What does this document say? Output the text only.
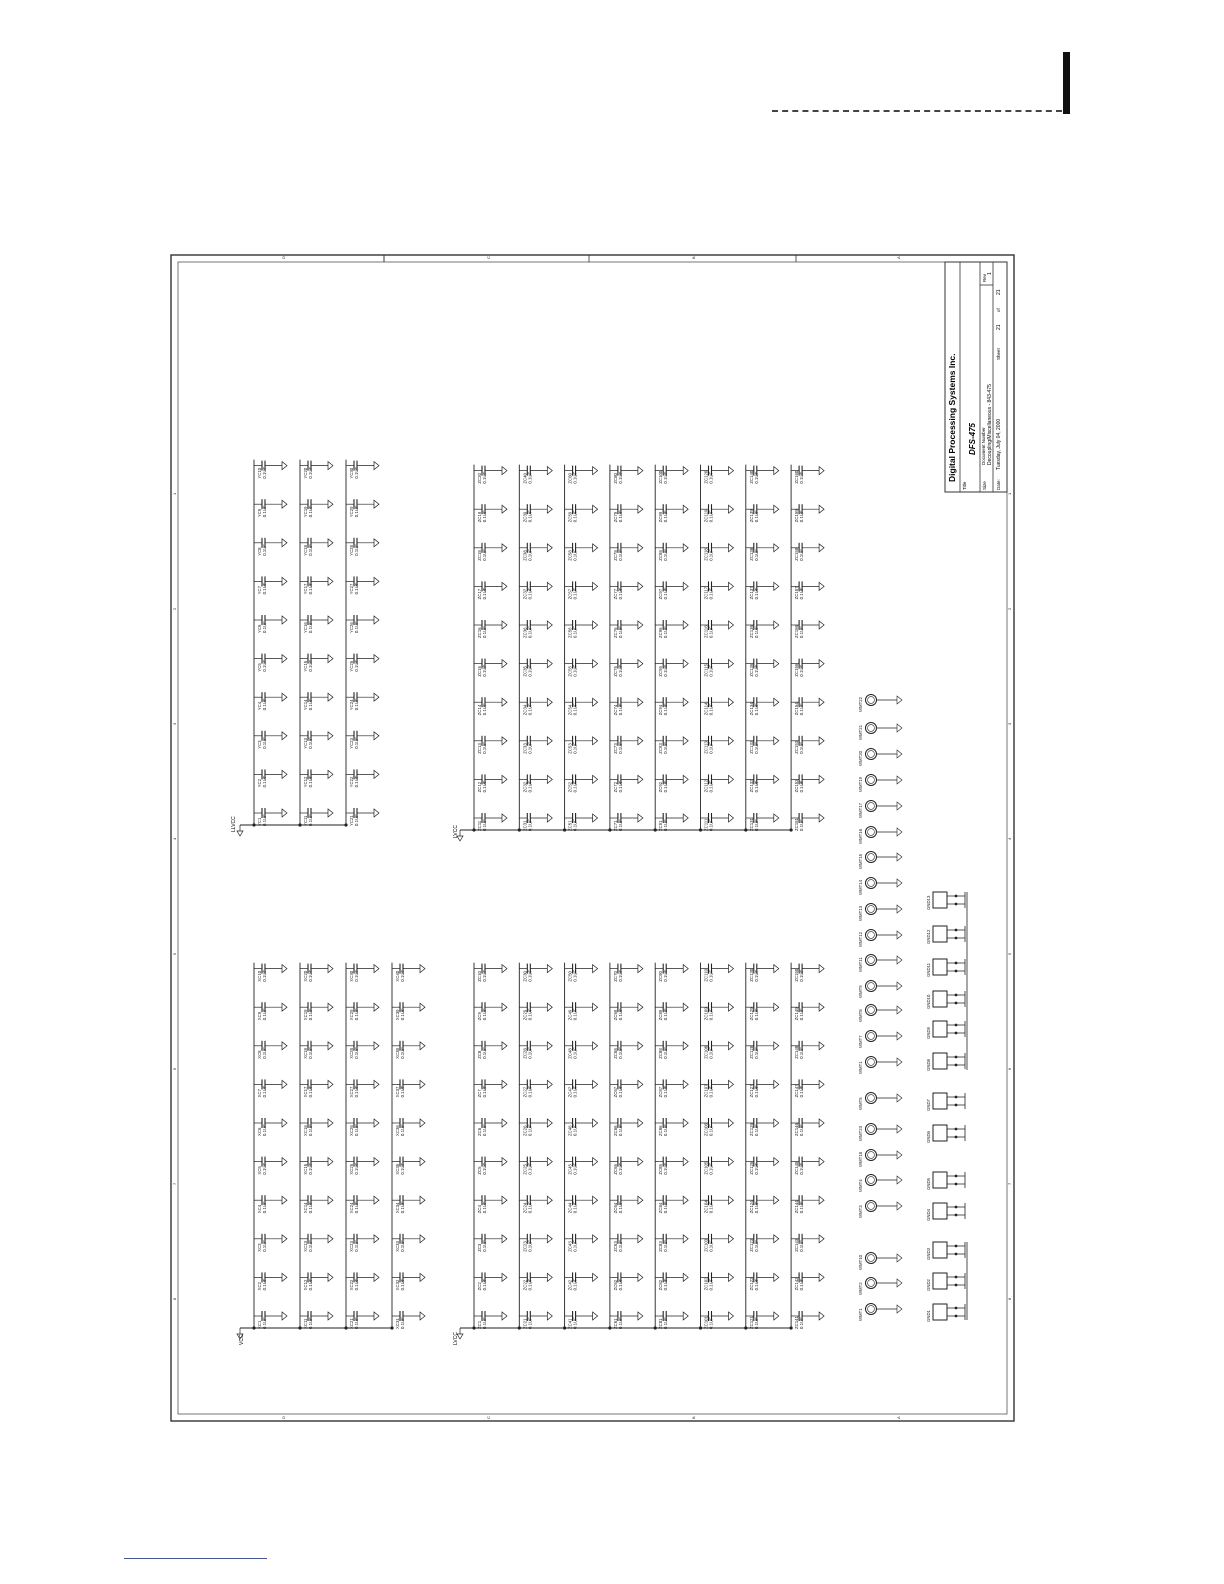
D
D
C
C
B
B
A
A
8	8
7	7
6	6
5	5
4	4
3	3
2	2
1	1
Digital Processing Systems Inc.
Title
DFS-475
Size
Document Number Decoupling/Miscellaneous - 843-475
Rev
1
Date:
Tuesday, July 04, 2000
Sheet
21
of
21
LLVCC	LVCC
VCC	LVCC
YC1 0.1UF
YC2 0.1UF
YC3 0.1UF
YC4 0.1UF
YC5 0.1UF
YC6 0.1UF
YC7 0.1UF
YC8 0.1UF
YC9 0.1UF
YC10 0.1UF
YC11 0.1UF
YC12 0.1UF
YC13 0.1UF
YC14 0.1UF
YC15 0.1UF
YC16 0.1UF
YC17 0.1UF
YC18 0.1UF
YC19 0.1UF
YC20 0.1UF
YC21 0.1UF
YC22 0.1UF
YC23 0.1UF
YC24 0.1UF
YC25 0.1UF
YC26 0.1UF
YC27 0.1UF
YC28 0.1UF
YC29 0.1UF
YC30 0.1UF
ZC11 0.1UF
ZC12 0.1UF
ZC13 0.1UF
ZC14 0.1UF
ZC15 0.1UF
ZC16 0.1UF
ZC17 0.1UF
ZC18 0.1UF
ZC19 0.1UF
ZC20 0.1UF
ZC31 0.1UF
ZC32 0.1UF
ZC33 0.1UF
ZC34 0.1UF
ZC35 0.1UF
ZC36 0.1UF
ZC37 0.1UF
ZC38 0.1UF
ZC39 0.1UF
ZC40 0.1UF
ZC51 0.1UF
ZC52 0.1UF
ZC53 0.1UF
ZC54 0.1UF
ZC55 0.1UF
ZC56 0.1UF
ZC57 0.1UF
ZC58 0.1UF
ZC59 0.1UF
ZC60 0.1UF
ZC71 0.1UF
ZC72 0.1UF
ZC73 0.1UF
ZC74 0.1UF
ZC75 0.1UF
ZC76 0.1UF
ZC77 0.1UF
ZC78 0.1UF
ZC79 0.1UF
ZC80 0.1UF
ZC91 0.1UF
ZC92 0.1UF
ZC93 0.1UF
ZC94 0.1UF
ZC95 0.1UF
ZC96 0.1UF
ZC97 0.1UF
ZC98 0.1UF
ZC99 0.1UF
ZC100 0.1UF
ZC111 0.1UF
ZC112 0.1UF
ZC113 0.1UF
ZC114 0.1UF
ZC115 0.1UF
ZC116 0.1UF
ZC117 0.1UF
ZC118 0.1UF
ZC119 0.1UF
ZC120 0.1UF
ZC131 0.1UF
ZC132 0.1UF
ZC133 0.1UF
ZC134 0.1UF
ZC135 0.1UF
ZC136 0.1UF
ZC137 0.1UF
ZC138 0.1UF
ZC139 0.1UF
ZC140 0.1UF
ZC151 0.1UF
ZC152 0.1UF
ZC153 0.1UF
ZC154 0.1UF
ZC155 0.1UF
ZC156 0.1UF
ZC157 0.1UF
ZC158 0.1UF
ZC159 0.1UF
ZC160 0.1UF
XC1 0.1UF
XC2 0.1UF
XC3 0.1UF
XC4 0.1UF
XC5 0.1UF
XC6 0.1UF
XC7 0.1UF
XC8 0.1UF
XC9 0.1UF
XC10 0.1UF
XC11 0.1UF
XC12 0.1UF
XC13 0.1UF
XC14 0.1UF
XC15 0.1UF
XC16 0.1UF
XC17 0.1UF
XC18 0.1UF
XC19 0.1UF
XC20 0.1UF
XC21 0.1UF
XC22 0.1UF
XC23 0.1UF
XC24 0.1UF
XC25 0.1UF
XC26 0.1UF
XC27 0.1UF
XC28 0.1UF
XC29 0.1UF
XC30 0.1UF
XC31 0.1UF
XC32 0.1UF
XC33 0.1UF
XC34 0.1UF
XC35 0.1UF
XC36 0.1UF
XC37 0.1UF
XC38 0.1UF
XC39 0.1UF
XC40 0.1UF
ZC1 0.1UF
ZC2 0.1UF
ZC3 0.1UF
ZC4 0.1UF
ZC5 0.1UF
ZC6 0.1UF
ZC7 0.1UF
ZC8 0.1UF
ZC9 0.1UF
ZC10 0.1UF
ZC21 0.1UF
ZC22 0.1UF
ZC23 0.1UF
ZC24 0.1UF
ZC25 0.1UF
ZC26 0.1UF
ZC27 0.1UF
ZC28 0.1UF
ZC29 0.1UF
ZC30 0.1UF
ZC41 0.1UF
ZC42 0.1UF
ZC43 0.1UF
ZC44 0.1UF
ZC45 0.1UF
ZC46 0.1UF
ZC47 0.1UF
ZC48 0.1UF
ZC49 0.1UF
ZC50 0.1UF
ZC61 0.1UF
ZC62 0.1UF
ZC63 0.1UF
ZC64 0.1UF
ZC65 0.1UF
ZC66 0.1UF
ZC67 0.1UF
ZC68 0.1UF
ZC69 0.1UF
ZC70 0.1UF
ZC81 0.1UF
ZC82 0.1UF
ZC83 0.1UF
ZC84 0.1UF
ZC85 0.1UF
ZC86 0.1UF
ZC87 0.1UF
ZC88 0.1UF
ZC89 0.1UF
ZC90 0.1UF
ZC101 0.1UF
ZC102 0.1UF
ZC103 0.1UF
ZC104 0.1UF
ZC105 0.1UF
ZC106 0.1UF
ZC107 0.1UF
ZC108 0.1UF
ZC109 0.1UF
ZC110 0.1UF
ZC121 0.1UF
ZC122 0.1UF
ZC123 0.1UF
ZC124 0.1UF
ZC125 0.1UF
ZC126 0.1UF
ZC127 0.1UF
ZC128 0.1UF
ZC129 0.1UF
ZC130 0.1UF
ZC141 0.1UF
ZC142 0.1UF
ZC143 0.1UF
ZC144 0.1UF
ZC145 0.1UF
ZC146 0.1UF
ZC147 0.1UF
ZC148 0.1UF
ZC149 0.1UF
ZC150 0.1UF
WMT1
WMT2
WMT10
WMT3
WMT4
WMT18
WMT23
WMT5
WMT1
WMT7
WMT8
WMT9
WMT11
WMT12
WMT13
WMT14
WMT15
WMT16
WMT17
WMT19
WMT20
WMT21
WMT22
GND1
GND2
GND3
GND4
GND5
GND6
GND7
GND8
GND9
GND10
GND11
GND12
GND13
